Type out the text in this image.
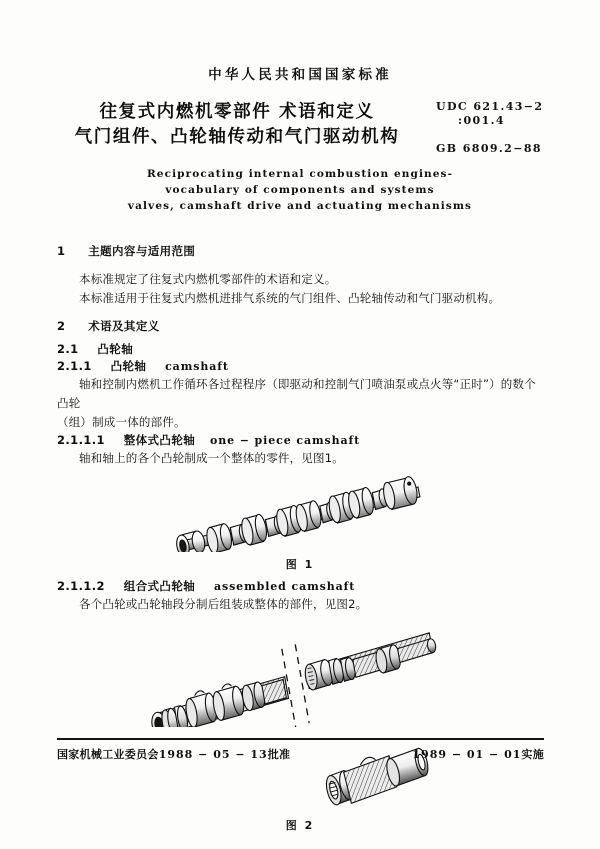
中华人民共和国国家标准
往复式内燃机零部件 术语和定义
气门组件、凸轮轴传动和气门驱动机构
UDC 621.43−2
:001.4
GB 6809.2−88
Reciprocating internal combustion engines-
vocabulary of components and systems
valves, camshaft drive and actuating mechanisms
1 主题内容与适用范围
本标准规定了往复式内燃机零部件的术语和定义。
本标准适用于往复式内燃机进排气系统的气门组件、凸轮轴传动和气门驱动机构。
2 术语及其定义
2.1 凸轮轴
2.1.1 凸轮轴 camshaft
轴和控制内燃机工作循环各过程程序（即驱动和控制气门喷油泵或点火等“正时”）的数个凸轮
（组）制成一体的部件。
2.1.1.1 整体式凸轮轴 one − piece camshaft
轴和轴上的各个凸轮制成一个整体的零件，见图1。
图 1
2.1.1.2 组合式凸轮轴 assembled camshaft
各个凸轮或凸轮轴段分制后组装成整体的部件，见图2。
图 2
国家机械工业委员会1988 − 05 − 13批准	1989 − 01 − 01实施
